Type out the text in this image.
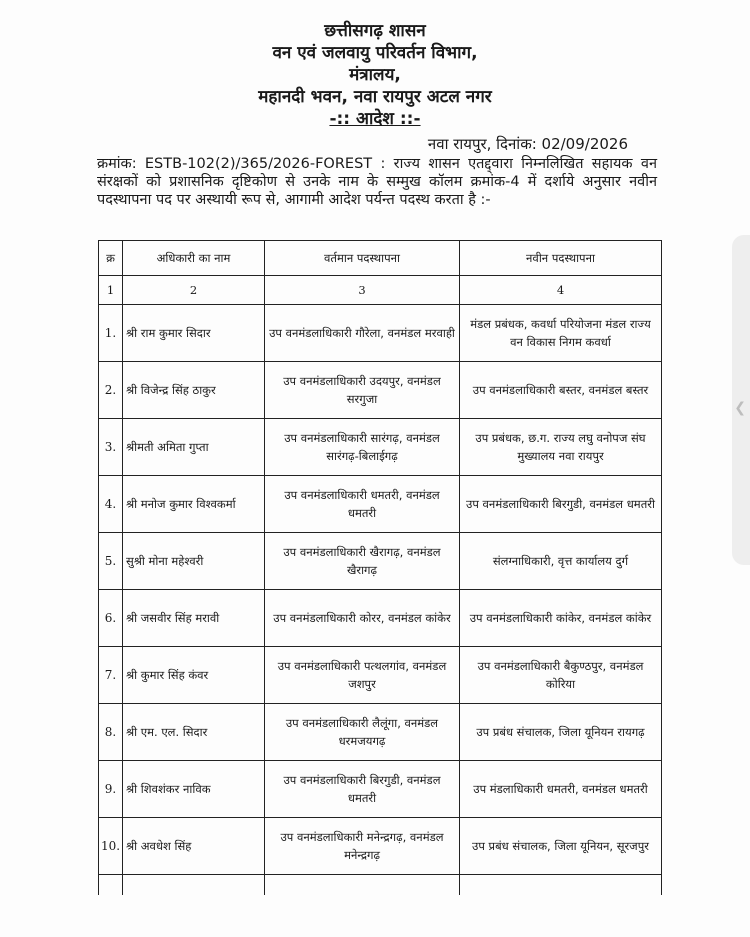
छत्तीसगढ़ शासन
वन एवं जलवायु परिवर्तन विभाग,
मंत्रालय,
महानदी भवन, नवा रायपुर अटल नगर
-:: आदेश ::-
नवा रायपुर, दिनांक: 02/09/2026
क्रमांक: ESTB-102(2)/365/2026-FOREST : राज्य शासन एतद्द्वारा निम्नलिखित सहायक वन संरक्षकों को प्रशासनिक दृष्टिकोण से उनके नाम के सम्मुख कॉलम क्रमांक-4 में दर्शाये अनुसार नवीन पदस्थापना पद पर अस्थायी रूप से, आगामी आदेश पर्यन्त पदस्थ करता है :-
क्र	अधिकारी का नाम	वर्तमान पदस्थापना	नवीन पदस्थापना
1	2	3	4
1.	श्री राम कुमार सिदार	उप वनमंडलाधिकारी गौरेला, वनमंडल मरवाही	मंडल प्रबंधक, कवर्धा परियोजना मंडल राज्य वन विकास निगम कवर्धा
2.	श्री विजेन्द्र सिंह ठाकुर	उप वनमंडलाधिकारी उदयपुर, वनमंडल सरगुजा	उप वनमंडलाधिकारी बस्तर, वनमंडल बस्तर
3.	श्रीमती अमिता गुप्ता	उप वनमंडलाधिकारी सारंगढ़, वनमंडल सारंगढ़-बिलाईगढ़	उप प्रबंधक, छ.ग. राज्य लघु वनोपज संघ मुख्यालय नवा रायपुर
4.	श्री मनोज कुमार विश्वकर्मा	उप वनमंडलाधिकारी धमतरी, वनमंडल धमतरी	उप वनमंडलाधिकारी बिरगुडी, वनमंडल धमतरी
5.	सुश्री मोना महेश्वरी	उप वनमंडलाधिकारी खैरागढ़, वनमंडल खैरागढ़	संलग्नाधिकारी, वृत्त कार्यालय दुर्ग
6.	श्री जसवीर सिंह मरावी	उप वनमंडलाधिकारी कोरर, वनमंडल कांकेर	उप वनमंडलाधिकारी कांकेर, वनमंडल कांकेर
7.	श्री कुमार सिंह कंवर	उप वनमंडलाधिकारी पत्थलगांव, वनमंडल जशपुर	उप वनमंडलाधिकारी बैकुण्ठपुर, वनमंडल कोरिया
8.	श्री एम. एल. सिदार	उप वनमंडलाधिकारी लैलूंगा, वनमंडल धरमजयगढ़	उप प्रबंध संचालक, जिला यूनियन रायगढ़
9.	श्री शिवशंकर नाविक	उप वनमंडलाधिकारी बिरगुडी, वनमंडल धमतरी	उप मंडलाधिकारी धमतरी, वनमंडल धमतरी
10.	श्री अवधेश सिंह	उप वनमंडलाधिकारी मनेन्द्रगढ़, वनमंडल मनेन्द्रगढ़	उप प्रबंध संचालक, जिला यूनियन, सूरजपुर

❮
